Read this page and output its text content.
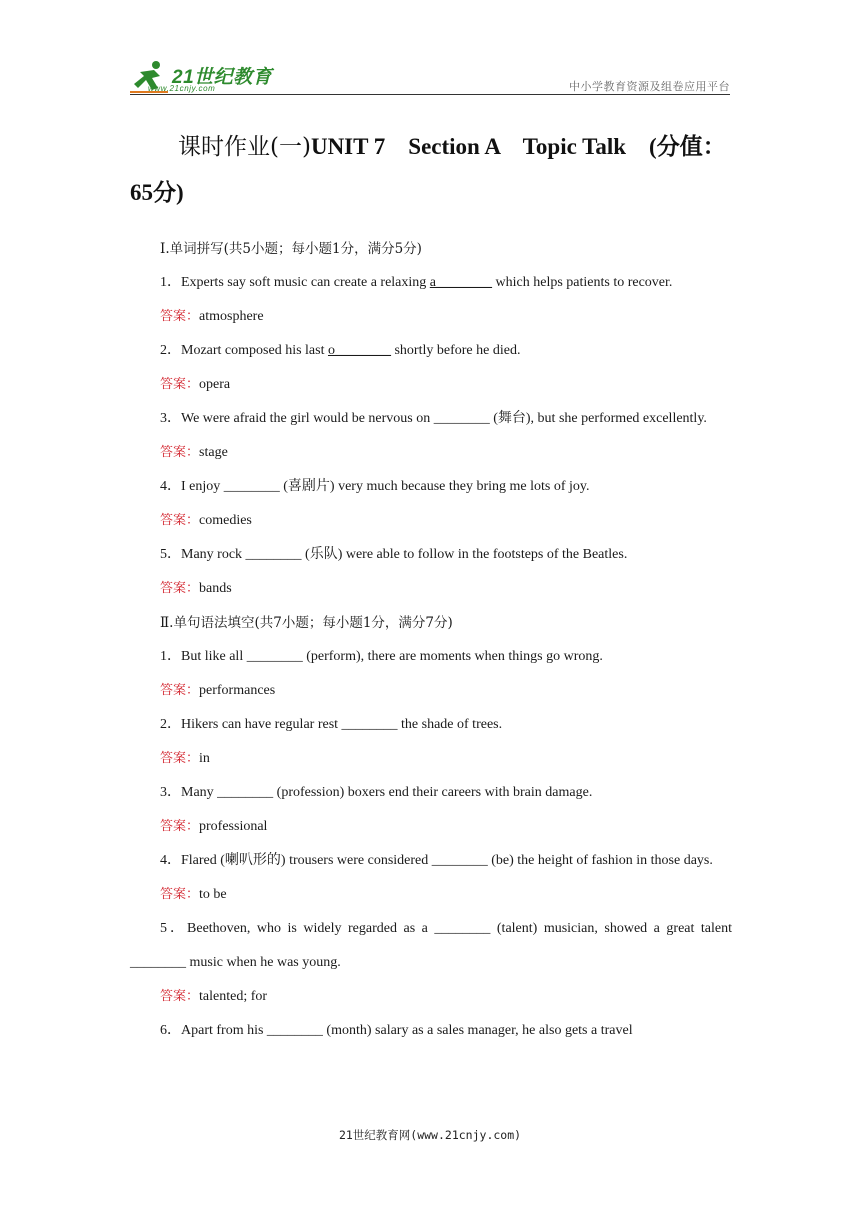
21世纪教育
www.21cnjy.com	中小学教育资源及组卷应用平台
课时作业(一)UNIT 7　Section A　Topic Talk　(分值：65分)
Ⅰ.单词拼写(共5小题；每小题1分，满分5分)
1．Experts say soft music can create a relaxing a________ which helps patients to recover.
答案：atmosphere
2．Mozart composed his last o________ shortly before he died.
答案：opera
3．We were afraid the girl would be nervous on ________ (舞台), but she performed excellently.
答案：stage
4．I enjoy ________ (喜剧片) very much because they bring me lots of joy.
答案：comedies
5．Many rock ________ (乐队) were able to follow in the footsteps of the Beatles.
答案：bands
Ⅱ.单句语法填空(共7小题；每小题1分，满分7分)
1．But like all ________ (perform), there are moments when things go wrong.
答案：performances
2．Hikers can have regular rest ________ the shade of trees.
答案：in
3．Many ________ (profession) boxers end their careers with brain damage.
答案：professional
4．Flared (喇叭形的) trousers were considered ________ (be) the height of fashion in those days.
答案：to be
5．Beethoven, who is widely regarded as a ________ (talent) musician, showed a great talent ________ music when he was young.
答案：talented; for
6．Apart from his ________ (month) salary as a sales manager, he also gets a travel
21世纪教育网(www.21cnjy.com)
